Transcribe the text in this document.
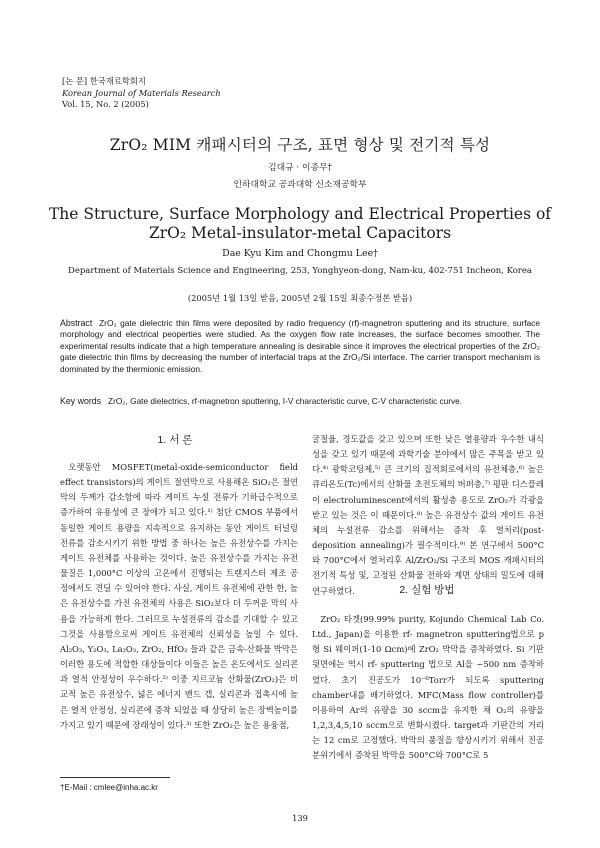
[논 문] 한국재료학회지
Korean Journal of Materials Research
Vol. 15, No. 2 (2005)
ZrO₂ MIM 캐패시터의 구조, 표면 형상 및 전기적 특성
김대규 · 이종무†
인하대학교 공과대학 신소재공학부
The Structure, Surface Morphology and Electrical Properties of
ZrO₂ Metal-insulator-metal Capacitors
Dae Kyu Kim and Chongmu Lee†
Department of Materials Science and Engineering, 253, Yonghyeon-dong, Nam-ku, 402-751 Incheon, Korea
(2005년 1월 13일 받음, 2005년 2월 15일 최종수정본 받음)
Abstract ZrO₂ gate dielectric thin films were deposited by radio frequency (rf)-magnetron sputtering and its structure, surface morphology and electrical peoperties were studied. As the oxygen flow rate increases, the surface becomes smoother. The experimental results indicate that a high temperature annealing is desirable since it improves the electrical properties of the ZrO₂ gate dielectric thin films by decreasing the number of interfacial traps at the ZrO₂/Si interface. The carrier transport mechanism is dominated by the thermionic emission.
Key words ZrO₂, Gate dielectrics, rf-magnetron sputtering, I-V characteristic curve, C-V characteristic curve.
1. 서 론

오랫동안 MOSFET(metal-oxide-semiconductor field effect transistors)의 게이트 절연막으로 사용해온 SiO₂은 절연막의 두께가 감소함에 따라 게이트 누설 전류가 기하급수적으로 증가하여 유용성에 큰 장애가 되고 있다.¹⁾ 첨단 CMOS 부품에서 동일한 게이트 용량을 지속적으로 유지하는 동안 게이트 터널링 전류를 감소시키기 위한 방법 중 하나는 높은 유전상수를 가지는 게이트 유전체를 사용하는 것이다. 높은 유전상수를 가지는 유전물질은 1,000°C 이상의 고온에서 진행되는 트랜지스터 제조 공정에서도 견딜 수 있어야 한다. 사실, 게이트 유전체에 관한 한, 높은 유전상수를 가진 유전체의 사용은 SiO₂보다 더 두꺼운 막의 사용을 가능하게 한다. 그러므로 누설전류의 감소를 기대할 수 있고 그것을 사용함으로써 게이트 유전체의 신뢰성을 높일 수 있다. Al₂O₃, Y₂O₃, La₂O₃, ZrO₂, HfO₂ 들과 같은 금속-산화물 박막은 이러한 용도에 적합한 대상들이다 이들은 높은 온도에서도 실리콘과 열적 안정성이 우수하다.²⁾ 이중 지르코늄 산화물(ZrO₂)은 비교적 높은 유전상수, 넓은 에너지 밴드 갭, 실리콘과 접촉시에 높은 열적 안정성, 실리콘에 증착 되었을 때 상당히 높은 장벽높이를 가지고 있기 때문에 장래성이 있다.³⁾ 또한 ZrO₂은 높은 용융점,

굴절율, 경도값을 갖고 있으며 또한 낮은 열용량과 우수한 내식성을 갖고 있기 때문에 과학기술 분야에서 많은 주목을 받고 있다.⁴⁾ 광학코팅제,⁵⁾ 큰 크기의 집적회로에서의 유전체층,⁶⁾ 높은 큐리온도(Tc)에서의 산화물 초전도체의 버퍼층,⁷⁾ 평판 디스플레이 electroluminescent에서의 활성층 용도로 ZrO₂가 각광을 받고 있는 것은 이 때문이다.⁸⁾ 높은 유전상수 값의 게이트 유전체의 누설전류 감소를 위해서는 증착 후 열처리(post-deposition annealing)가 필수적이다.⁹⁾ 본 연구에서 500°C와 700°C에서 열처리후 Al/ZrO₂/Si 구조의 MOS 캐패시터의 전기적 특성 및, 고정된 산화물 전하와 계면 상태의 밀도에 대해 연구하였다.	2. 실험 방법

ZrO₂ 타겟(99.99% purity, Kojundo Chemical Lab Co. Ltd., Japan)을 이용한 rf- magnetron sputtering법으로 p형 Si 웨이퍼(1-10 Ωcm)에 ZrO₂ 박막을 증착하였다. Si 기판 뒷면에는 역시 rf- sputtering 법으로 Al을 ~500 nm 증착하였다. 초기 진공도가 10⁻⁶Torr가 되도록 sputtering chamber내를 배기하였다. MFC(Mass flow controller)를 이용하여 Ar의 유량을 30 sccm을 유지한 채 O₂의 유량을 1,2,3,4,5,10 sccm으로 변화시켰다. target과 기판간의 거리는 12 cm로 고정했다. 박막의 품질을 향상시키기 위해서 진공분위기에서 증착된 박막을 500°C와 700°C로 5

†E-Mail : cmlee@inha.ac.kr
139
